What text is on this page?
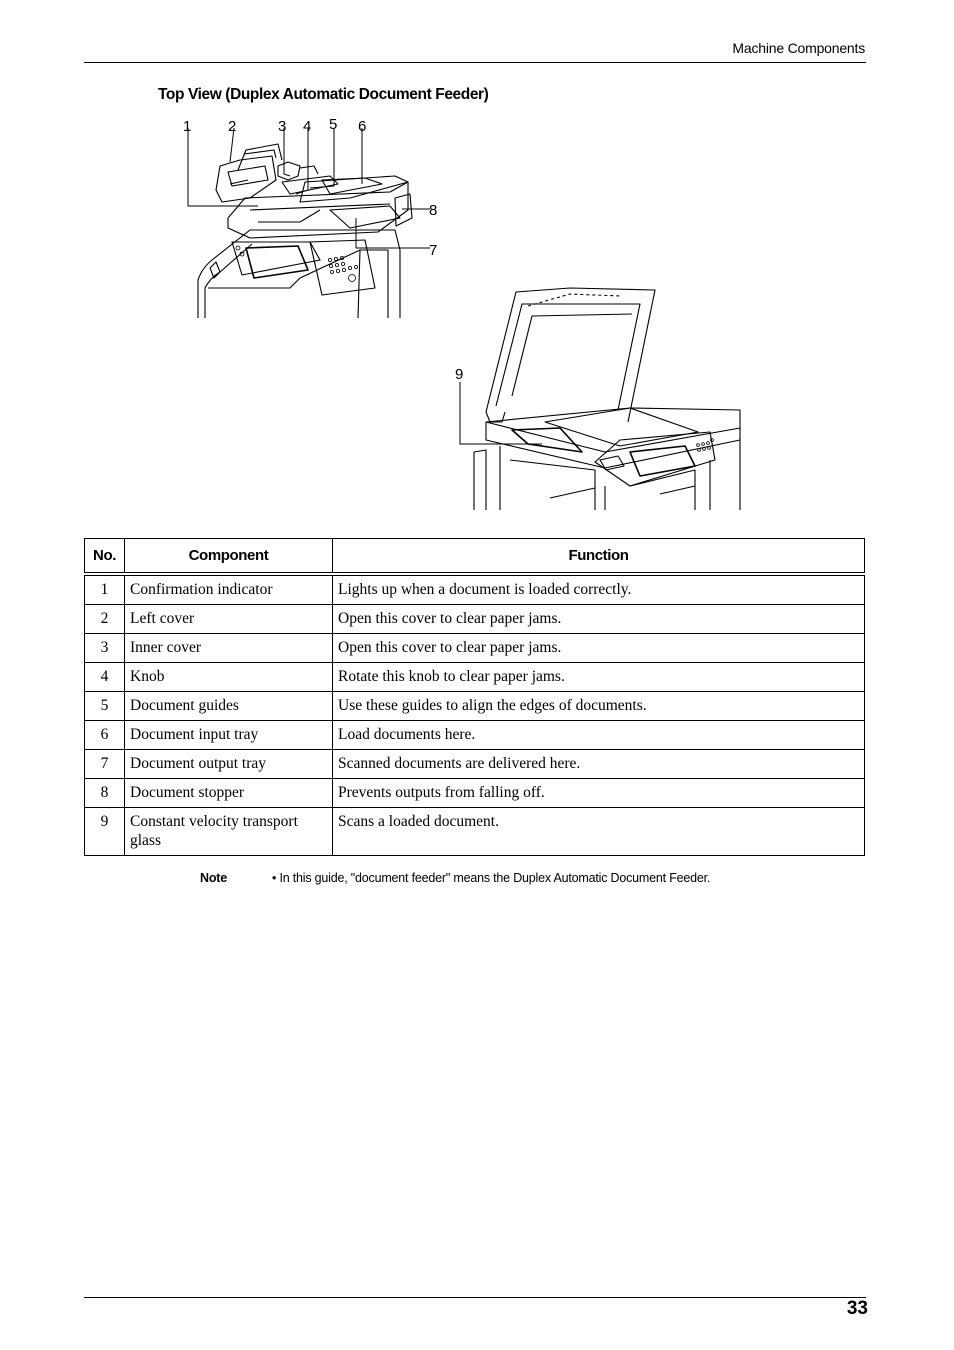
Machine Components
Top View (Duplex Automatic Document Feeder)
1 2	3 4 5 6
7
8
9
No.	Component	Function
1	Confirmation indicator	Lights up when a document is loaded correctly.
2	Left cover	Open this cover to clear paper jams.
3	Inner cover	Open this cover to clear paper jams.
4	Knob	Rotate this knob to clear paper jams.
5	Document guides	Use these guides to align the edges of documents.
6	Document input tray	Load documents here.
7	Document output tray	Scanned documents are delivered here.
8	Document stopper	Prevents outputs from falling off.
9	Constant velocity transport glass	Scans a loaded document.
Note	• In this guide, "document feeder" means the Duplex Automatic Document Feeder.
33
